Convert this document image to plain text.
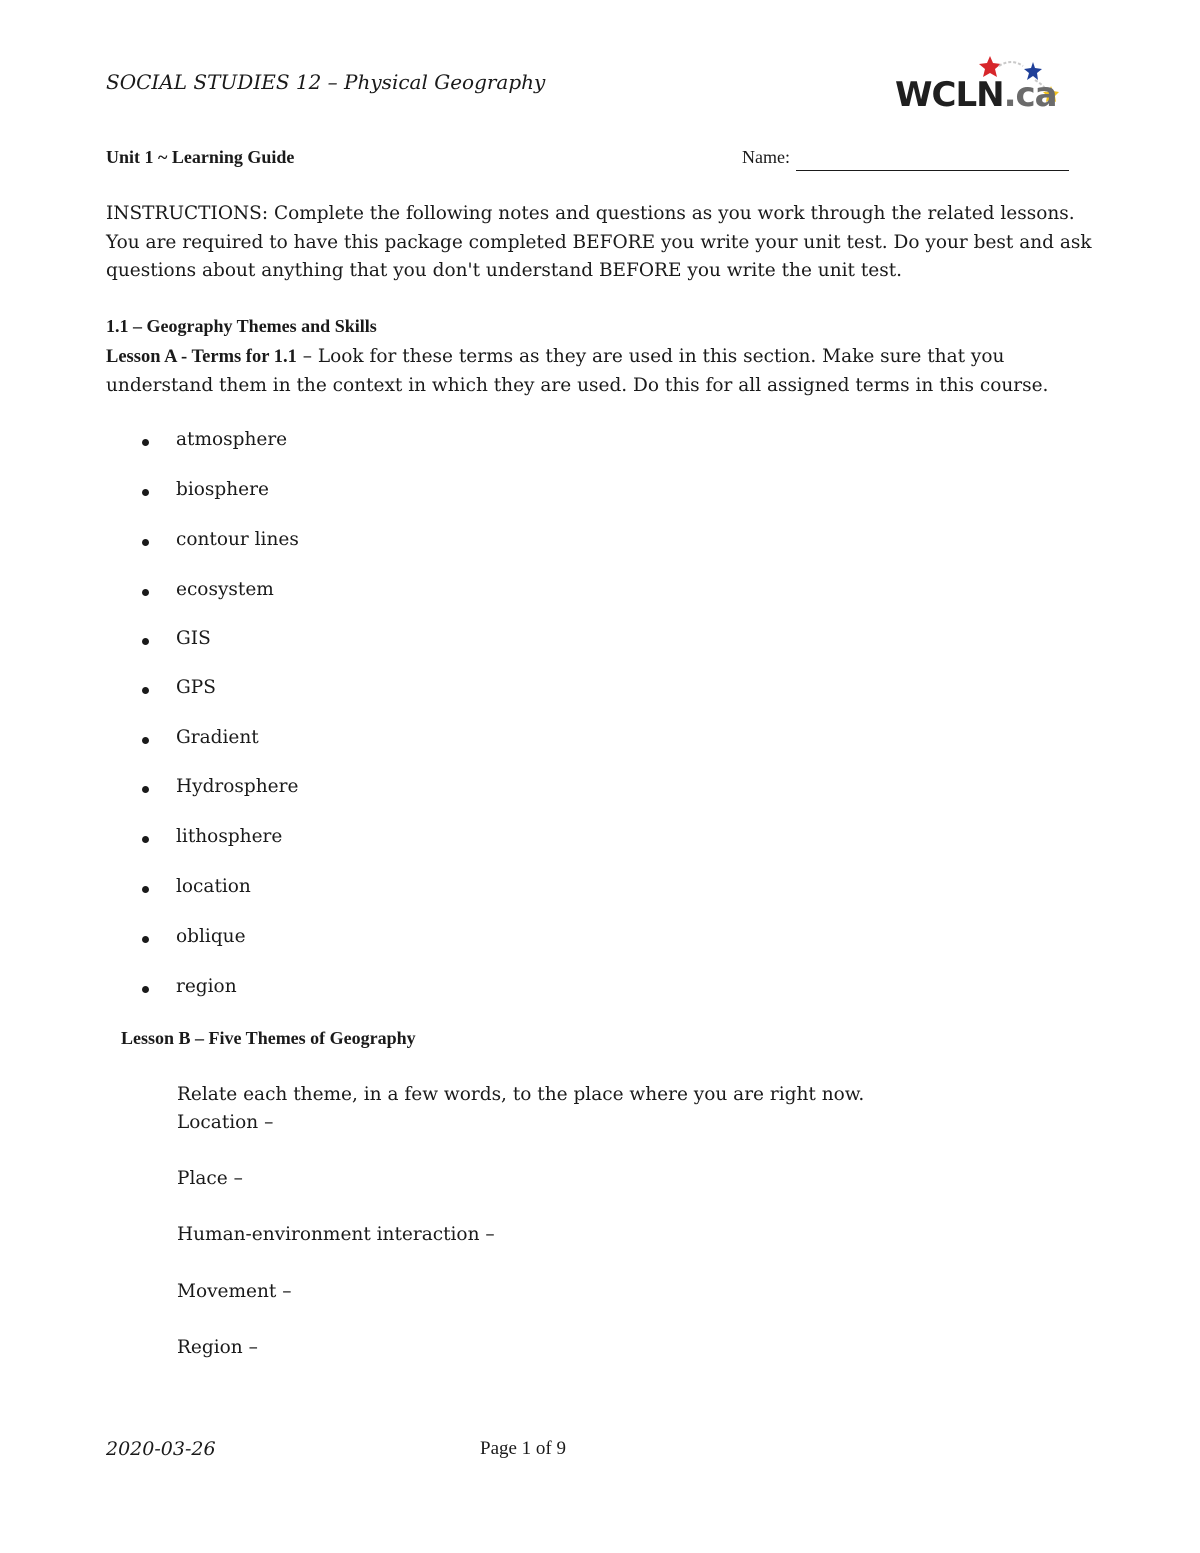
SOCIAL STUDIES 12 – Physical Geography	WCLN.ca
Unit 1 ~ Learning Guide	Name:
INSTRUCTIONS: Complete the following notes and questions as you work through the related lessons. You are required to have this package completed BEFORE you write your unit test. Do your best and ask questions about anything that you don't understand BEFORE you write the unit test.
1.1 – Geography Themes and Skills
Lesson A - Terms for 1.1 – Look for these terms as they are used in this section. Make sure that you understand them in the context in which they are used. Do this for all assigned terms in this course.
atmosphere
biosphere
contour lines
ecosystem
GIS
GPS
Gradient
Hydrosphere
lithosphere
location
oblique
region
Lesson B – Five Themes of Geography
Relate each theme, in a few words, to the place where you are right now.
Location –
Place –
Human-environment interaction –
Movement –
Region –
2020-03-26	Page 1 of 9
